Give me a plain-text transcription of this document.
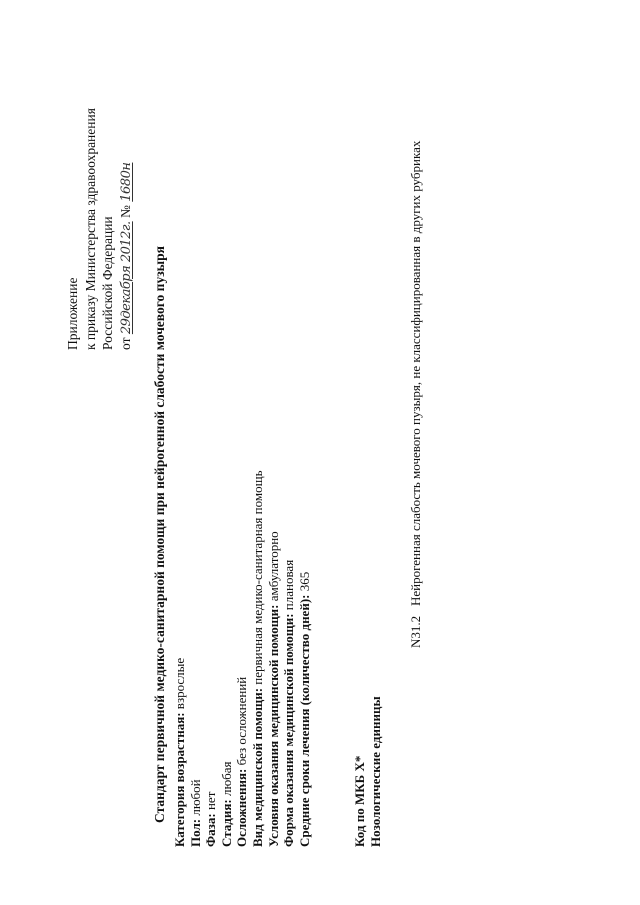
Приложение к приказу Министерства здравоохранения Российской Федерации от 29декабря 2012г. № 1680н
Стандарт первичной медико-санитарной помощи при нейрогенной слабости мочевого пузыря Категория возрастная: взрослые
Пол: любой
Фаза: нет Стадия: любая Осложнения: без осложнений Вид медицинской помощи: первичная медико-санитарная помощь
Условия оказания медицинской помощи: амбулаторно
Форма оказания медицинской помощи: плановая
Средние сроки лечения (количество дней): 365
Код по МКБ X* Нозологические единицы
N31.2Нейрогенная слабость мочевого пузыря, не классифицированная в других рубриках
